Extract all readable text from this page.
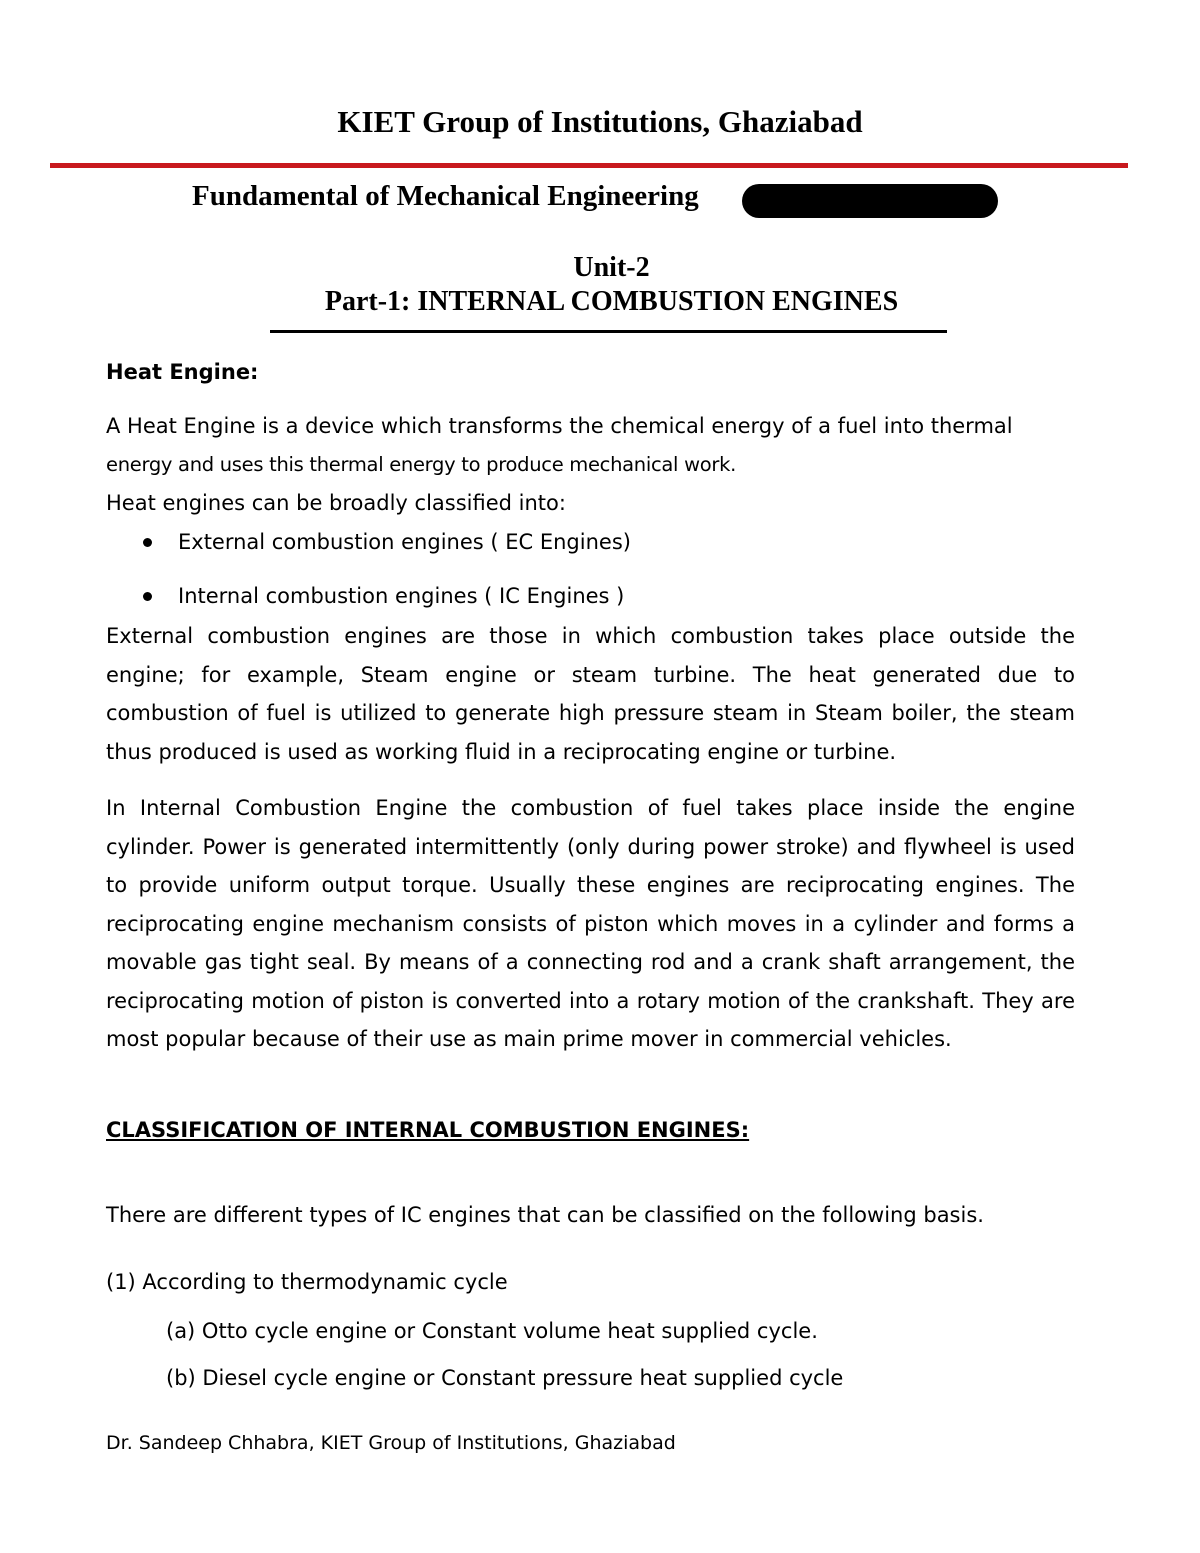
KIET Group of Institutions, Ghaziabad
Fundamental of Mechanical Engineering
Unit-2
Part-1: INTERNAL COMBUSTION ENGINES

Heat Engine:

A Heat Engine is a device which transforms the chemical energy of a fuel into thermal

energy and uses this thermal energy to produce mechanical work.

Heat engines can be broadly classified into:

External combustion engines ( EC Engines)
Internal combustion engines ( IC Engines )

External combustion engines are those in which combustion takes place outside the engine; for example, Steam engine or steam turbine. The heat generated due to combustion of fuel is utilized to generate high pressure steam in Steam boiler, the steam thus produced is used as working fluid in a reciprocating engine or turbine.

In Internal Combustion Engine the combustion of fuel takes place inside the engine cylinder. Power is generated intermittently (only during power stroke) and flywheel is used to provide uniform output torque. Usually these engines are reciprocating engines. The reciprocating engine mechanism consists of piston which moves in a cylinder and forms a movable gas tight seal. By means of a connecting rod and a crank shaft arrangement, the reciprocating motion of piston is converted into a rotary motion of the crankshaft. They are most popular because of their use as main prime mover in commercial vehicles.

CLASSIFICATION OF INTERNAL COMBUSTION ENGINES:

There are different types of IC engines that can be classified on the following basis.

(1) According to thermodynamic cycle

(a) Otto cycle engine or Constant volume heat supplied cycle.

(b) Diesel cycle engine or Constant pressure heat supplied cycle

Dr. Sandeep Chhabra, KIET Group of Institutions, Ghaziabad
